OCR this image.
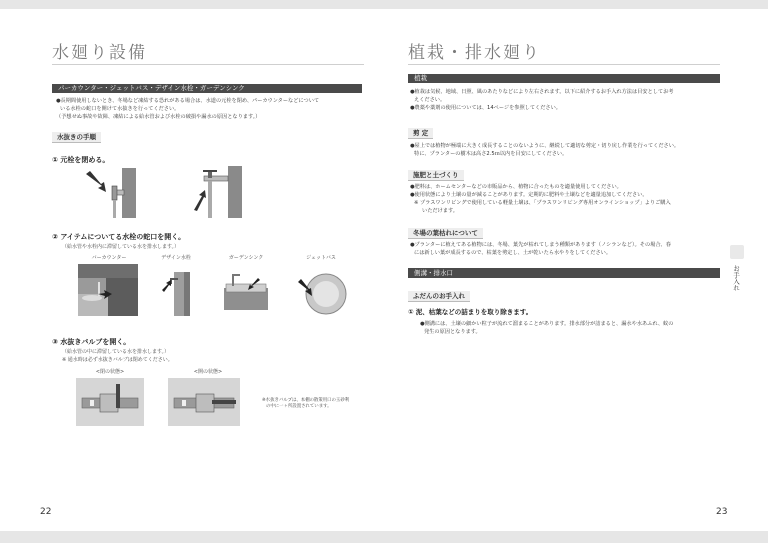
水廻り設備
パーカウンター・ジェットバス・デザイン水栓・ガーデンシンク

●長期間使用しないとき、冬場など凍結する恐れがある場合は、水道の元栓を閉め、パーカウンターなどについて

いる水栓の蛇口を開けて水抜きを行ってください。

（予想せぬ事故や故障、凍結による給水管および水栓の破損や漏水の原因となります。）

水抜きの手順
① 元栓を閉める。
② アイテムについてる水栓の蛇口を開く。
（給水管や水栓内に滞留している水を排水します。）
バーカウンター	デザイン水栓	ガーデンシンク	ジェットバス
③ 水抜きバルブを開く。
（給水管の中に滞留している水を排水します。）
※ 通水時は必ず水抜きバルブは閉めてください。
<閉の状態>	<開の状態>
※水抜きバルブは、本棚の散策用口の玉砂利
の中に一ヶ所設置されています。
22
植栽・排水廻り
植栽

●植栽は気候、地域、日照、風のあたりなどにより左右されます。以下に紹介するお手入れ方法は目安としてお考

えください。

●農薬や薬剤の使用については、14ページを参照してください。

剪 定

●屋上では植物が極端に大きく成長することのないように、継続して適切な剪定・切り戻し作業を行ってください。

特に、プランターの樹木は高さ2.5ｍ以内を目安にしてください。

施肥と土づくり

●肥料は、ホームセンターなどの市販品から、植物に合ったものを適量使用してください。

●使用状態により土壌の量が減ることがあります。定期的に肥料や土壌などを適量追加してください。

※ プラスワンリビングで使用している軽量土壌は、「プラスワンリビング専用オンラインショップ」よりご購入

いただけます。

冬場の葉枯れについて

●プランターに植えてある植物には、冬場、葉先が枯れてしまう種類があります（ノシランなど）。その場合、春

には新しい葉が成長するので、枯葉を剪定し、土が乾いたら水やりをしてください。

側溝・排水口
ふだんのお手入れ
① 泥、枯葉などの詰まりを取り除きます。

●側溝には、土壌の細かい粒子が流れて溜まることがあります。排水部分が詰まると、漏水や水あふれ、蚊の

発生の原因となります。

お手入れ
23
